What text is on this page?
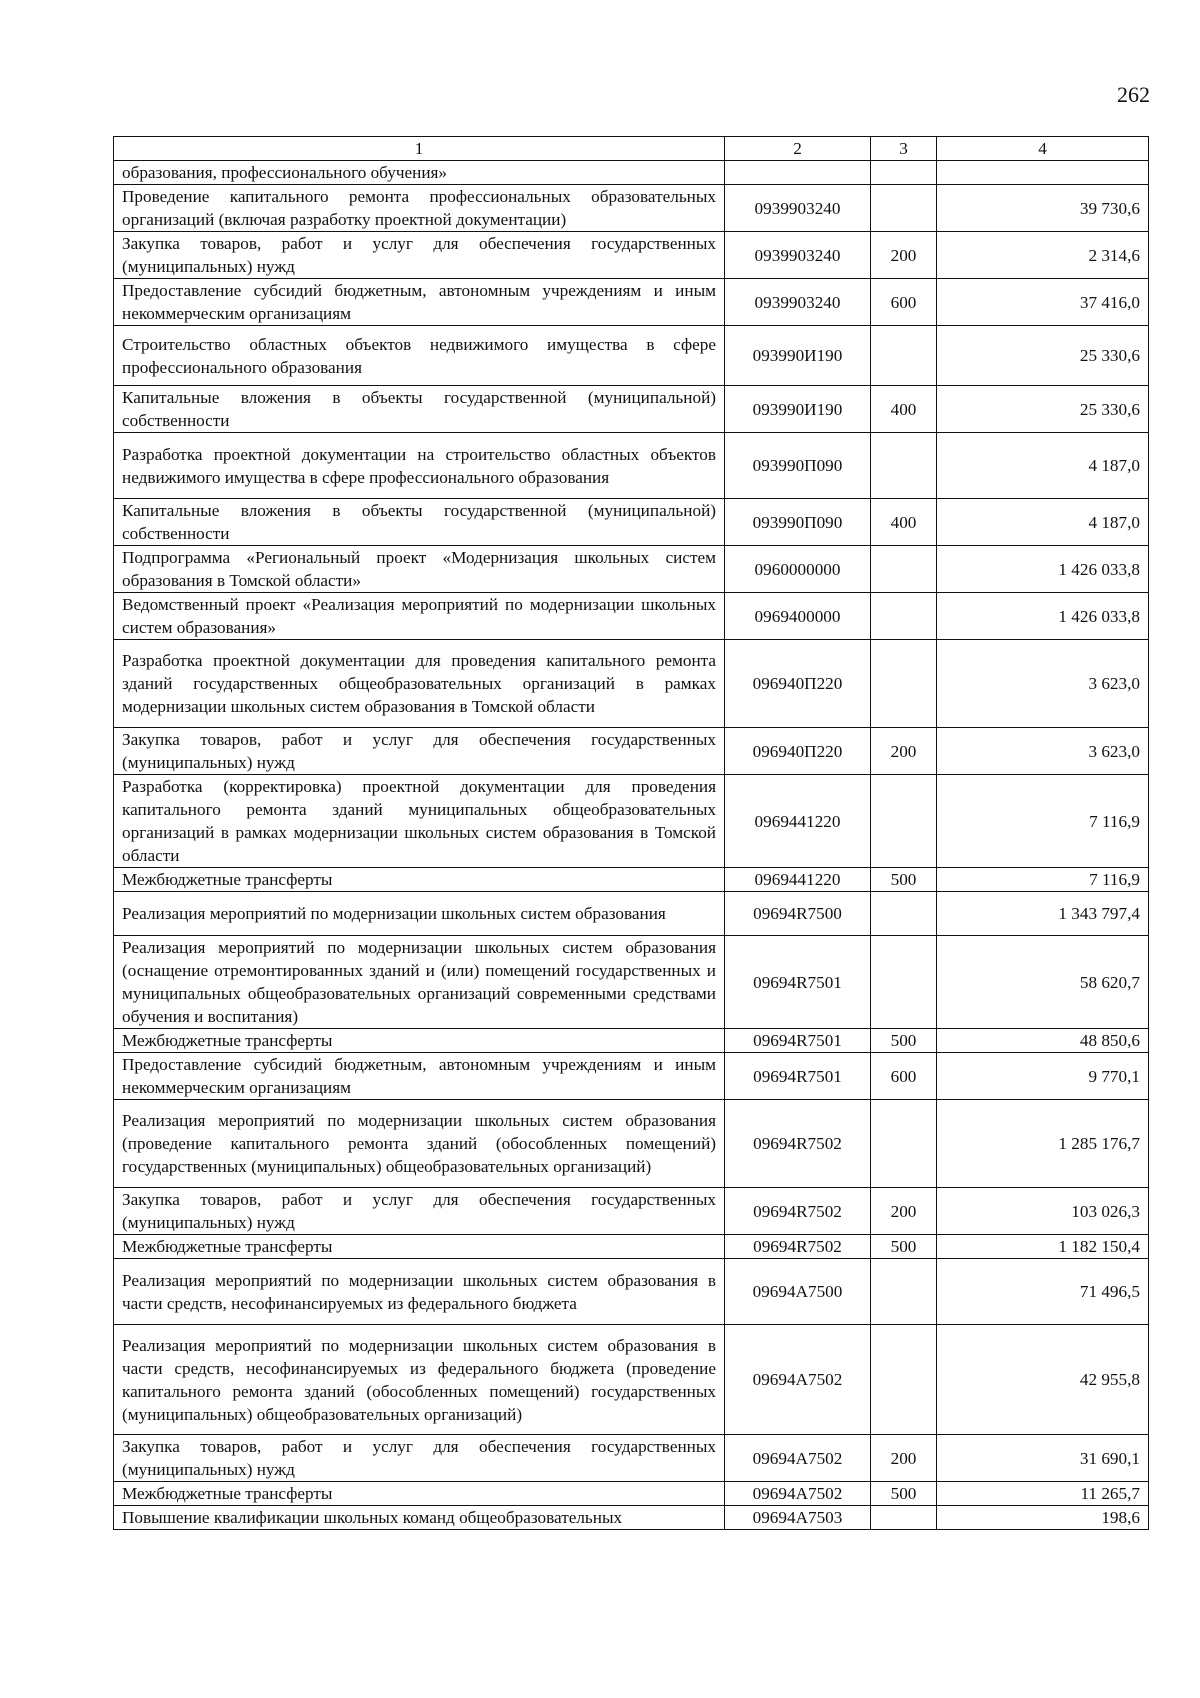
262
1	2	3	4
образования, профессионального обучения»			
Проведение капитального ремонта профессиональных образовательных организаций (включая разработку проектной документации)	0939903240		39 730,6
Закупка товаров, работ и услуг для обеспечения государственных (муниципальных) нужд	0939903240	200	2 314,6
Предоставление субсидий бюджетным, автономным учреждениям и иным некоммерческим организациям	0939903240	600	37 416,0
Строительство областных объектов недвижимого имущества в сфере профессионального образования	093990И190		25 330,6
Капитальные вложения в объекты государственной (муниципальной) собственности	093990И190	400	25 330,6
Разработка проектной документации на строительство областных объектов недвижимого имущества в сфере профессионального образования	093990П090		4 187,0
Капитальные вложения в объекты государственной (муниципальной) собственности	093990П090	400	4 187,0
Подпрограмма «Региональный проект «Модернизация школьных систем образования в Томской области»	0960000000		1 426 033,8
Ведомственный проект «Реализация мероприятий по модернизации школьных систем образования»	0969400000		1 426 033,8
Разработка проектной документации для проведения капитального ремонта зданий государственных общеобразовательных организаций в рамках модернизации школьных систем образования в Томской области	096940П220		3 623,0
Закупка товаров, работ и услуг для обеспечения государственных (муниципальных) нужд	096940П220	200	3 623,0
Разработка (корректировка) проектной документации для проведения капитального ремонта зданий муниципальных общеобразовательных организаций в рамках модернизации школьных систем образования в Томской области	0969441220		7 116,9
Межбюджетные трансферты	0969441220	500	7 116,9
Реализация мероприятий по модернизации школьных систем образования	09694R7500		1 343 797,4
Реализация мероприятий по модернизации школьных систем образования (оснащение отремонтированных зданий и (или) помещений государственных и муниципальных общеобразовательных организаций современными средствами обучения и воспитания)	09694R7501		58 620,7
Межбюджетные трансферты	09694R7501	500	48 850,6
Предоставление субсидий бюджетным, автономным учреждениям и иным некоммерческим организациям	09694R7501	600	9 770,1
Реализация мероприятий по модернизации школьных систем образования (проведение капитального ремонта зданий (обособленных помещений) государственных (муниципальных) общеобразовательных организаций)	09694R7502		1 285 176,7
Закупка товаров, работ и услуг для обеспечения государственных (муниципальных) нужд	09694R7502	200	103 026,3
Межбюджетные трансферты	09694R7502	500	1 182 150,4
Реализация мероприятий по модернизации школьных систем образования в части средств, несофинансируемых из федерального бюджета	09694А7500		71 496,5
Реализация мероприятий по модернизации школьных систем образования в части средств, несофинансируемых из федерального бюджета (проведение капитального ремонта зданий (обособленных помещений) государственных (муниципальных) общеобразовательных организаций)	09694А7502		42 955,8
Закупка товаров, работ и услуг для обеспечения государственных (муниципальных) нужд	09694А7502	200	31 690,1
Межбюджетные трансферты	09694А7502	500	11 265,7
Повышение квалификации школьных команд общеобразовательных	09694А7503		198,6
